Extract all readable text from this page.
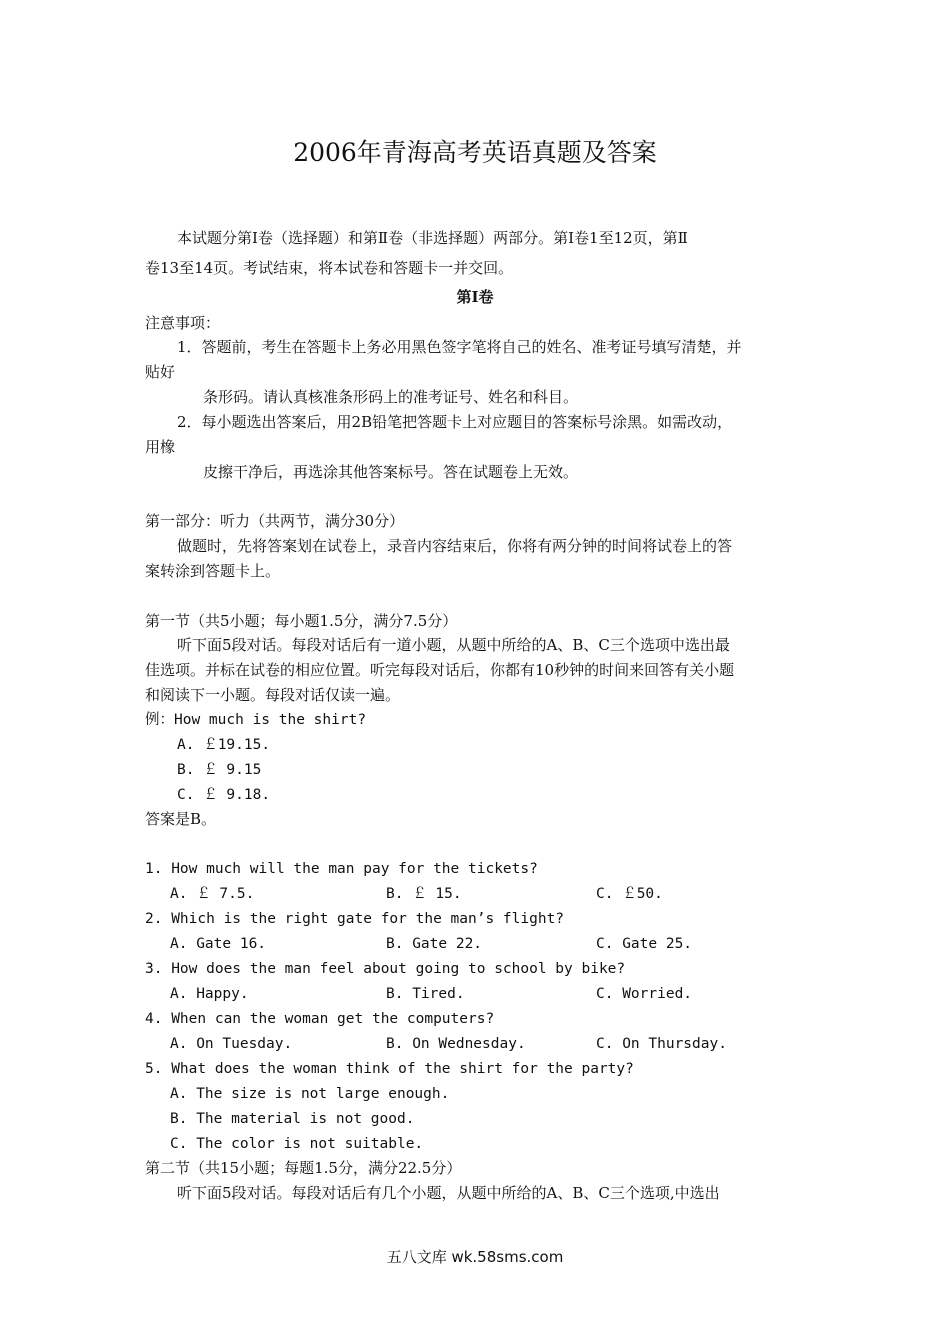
2006年青海高考英语真题及答案
本试题分第Ⅰ卷（选择题）和第Ⅱ卷（非选择题）两部分。第Ⅰ卷1至12页，第Ⅱ
卷13至14页。考试结束，将本试卷和答题卡一并交回。
第Ⅰ卷
注意事项：
1．答题前，考生在答题卡上务必用黑色签字笔将自己的姓名、准考证号填写清楚，并
贴好
条形码。请认真核准条形码上的准考证号、姓名和科目。
2．每小题选出答案后，用2B铅笔把答题卡上对应题目的答案标号涂黑。如需改动，
用橡
皮擦干净后，再选涂其他答案标号。答在试题卷上无效。
第一部分：听力（共两节，满分30分）
做题时，先将答案划在试卷上，录音内容结束后，你将有两分钟的时间将试卷上的答
案转涂到答题卡上。
第一节（共5小题；每小题1.5分，满分7.5分）
听下面5段对话。每段对话后有一道小题，从题中所给的A、B、C三个选项中选出最
佳选项。并标在试卷的相应位置。听完每段对话后，你都有10秒钟的时间来回答有关小题
和阅读下一小题。每段对话仅读一遍。
例：How much is the shirt?
A. ￡19.15.
B. ￡ 9.15
C. ￡ 9.18.
答案是B。
1. How much will the man pay for the tickets?
A. ￡ 7.5.	B. ￡ 15.	C. ￡50.
2. Which is the right gate for the man’s flight?
A. Gate 16.	B. Gate 22.	C. Gate 25.
3. How does the man feel about going to school by bike?
A. Happy.	B. Tired.	C. Worried.
4. When can the woman get the computers?
A. On Tuesday.	B. On Wednesday.	C. On Thursday.
5. What does the woman think of the shirt for the party?
A. The size is not large enough.
B. The material is not good.
C. The color is not suitable.
第二节（共15小题；每题1.5分，满分22.5分）
听下面5段对话。每段对话后有几个小题，从题中所给的A、B、C三个选项,中选出
五八文库 wk.58sms.com
